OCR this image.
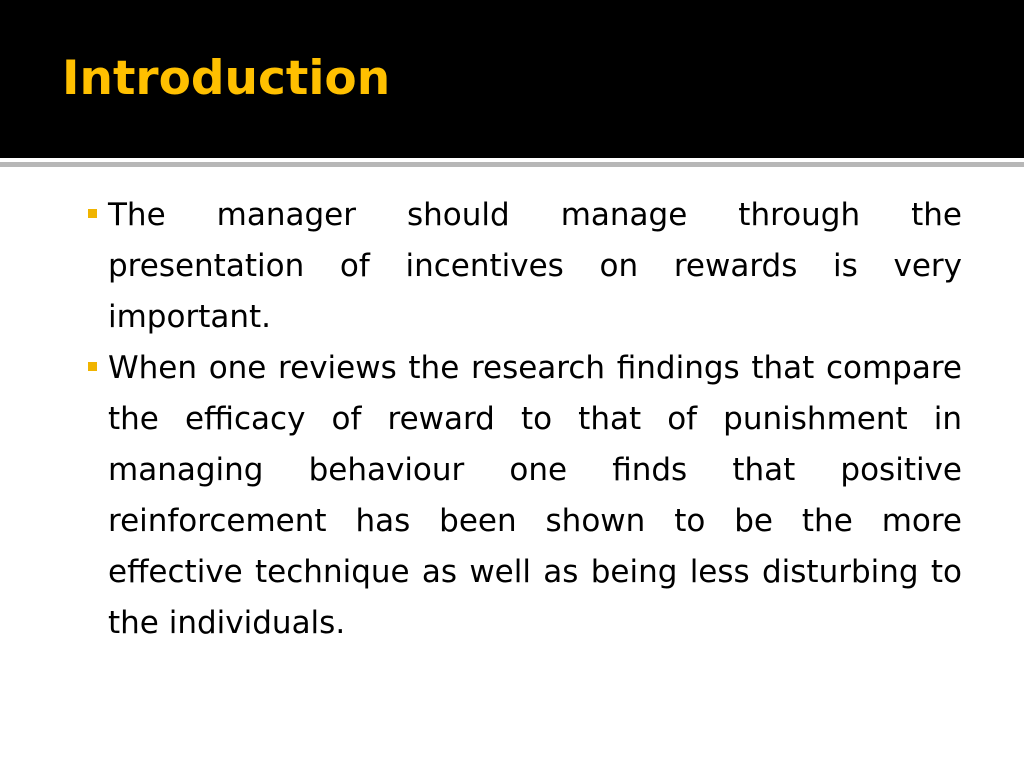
Introduction
The manager should manage through the presentation of incentives on rewards is very important.
When one reviews the research findings that compare the efficacy of reward to that of punishment in managing behaviour one finds that positive reinforcement has been shown to be the more effective technique as well as being less disturbing to the individuals.
